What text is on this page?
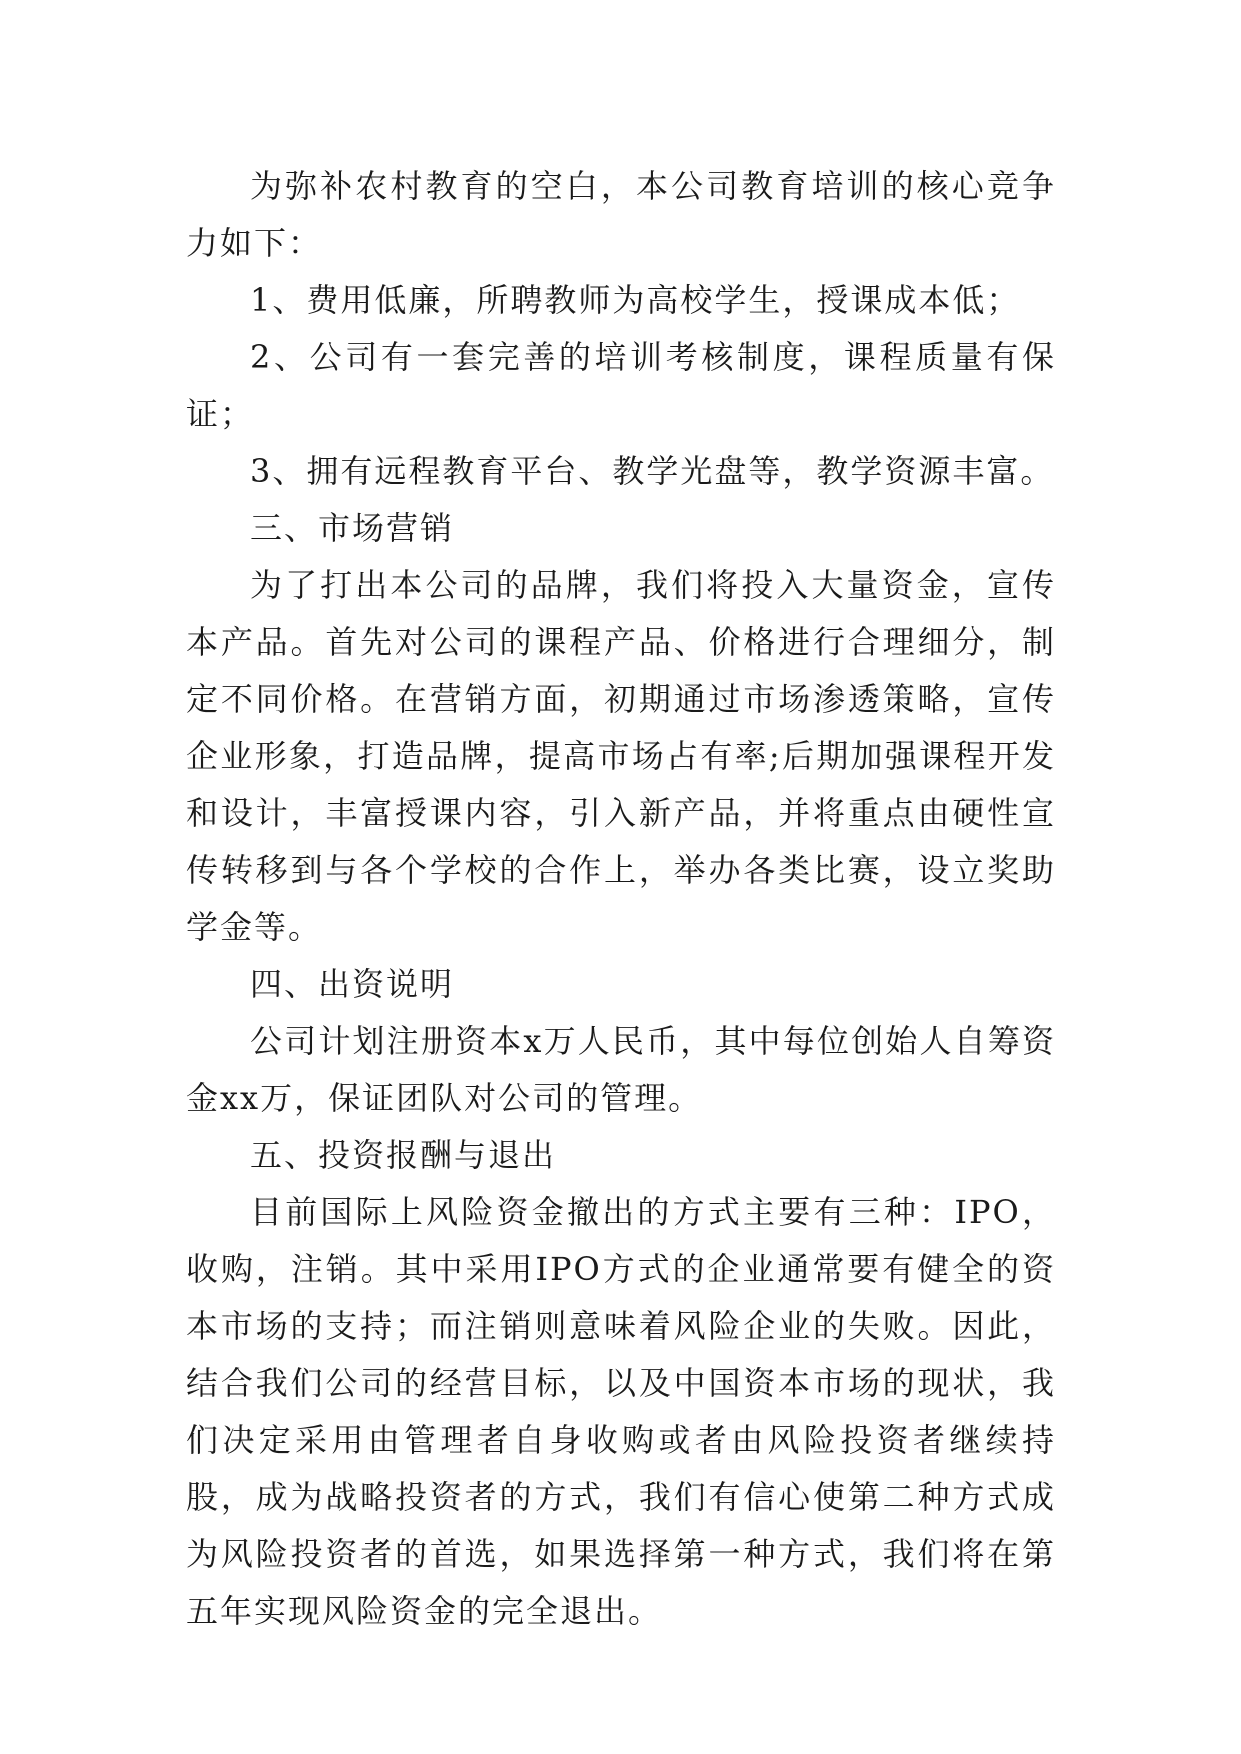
为弥补农村教育的空白，本公司教育培训的核心竞争力如下：

1、费用低廉，所聘教师为高校学生，授课成本低；

2、公司有一套完善的培训考核制度，课程质量有保证；

3、拥有远程教育平台、教学光盘等，教学资源丰富。

三、市场营销

为了打出本公司的品牌，我们将投入大量资金，宣传本产品。首先对公司的课程产品、价格进行合理细分，制定不同价格。在营销方面，初期通过市场渗透策略，宣传企业形象，打造品牌，提高市场占有率;后期加强课程开发和设计，丰富授课内容，引入新产品，并将重点由硬性宣传转移到与各个学校的合作上，举办各类比赛，设立奖助学金等。

四、出资说明

公司计划注册资本x万人民币，其中每位创始人自筹资金xx万，保证团队对公司的管理。

五、投资报酬与退出

目前国际上风险资金撤出的方式主要有三种：IPO，收购，注销。其中采用IPO方式的企业通常要有健全的资本市场的支持；而注销则意味着风险企业的失败。因此，结合我们公司的经营目标，以及中国资本市场的现状，我们决定采用由管理者自身收购或者由风险投资者继续持股，成为战略投资者的方式，我们有信心使第二种方式成为风险投资者的首选，如果选择第一种方式，我们将在第五年实现风险资金的完全退出。
